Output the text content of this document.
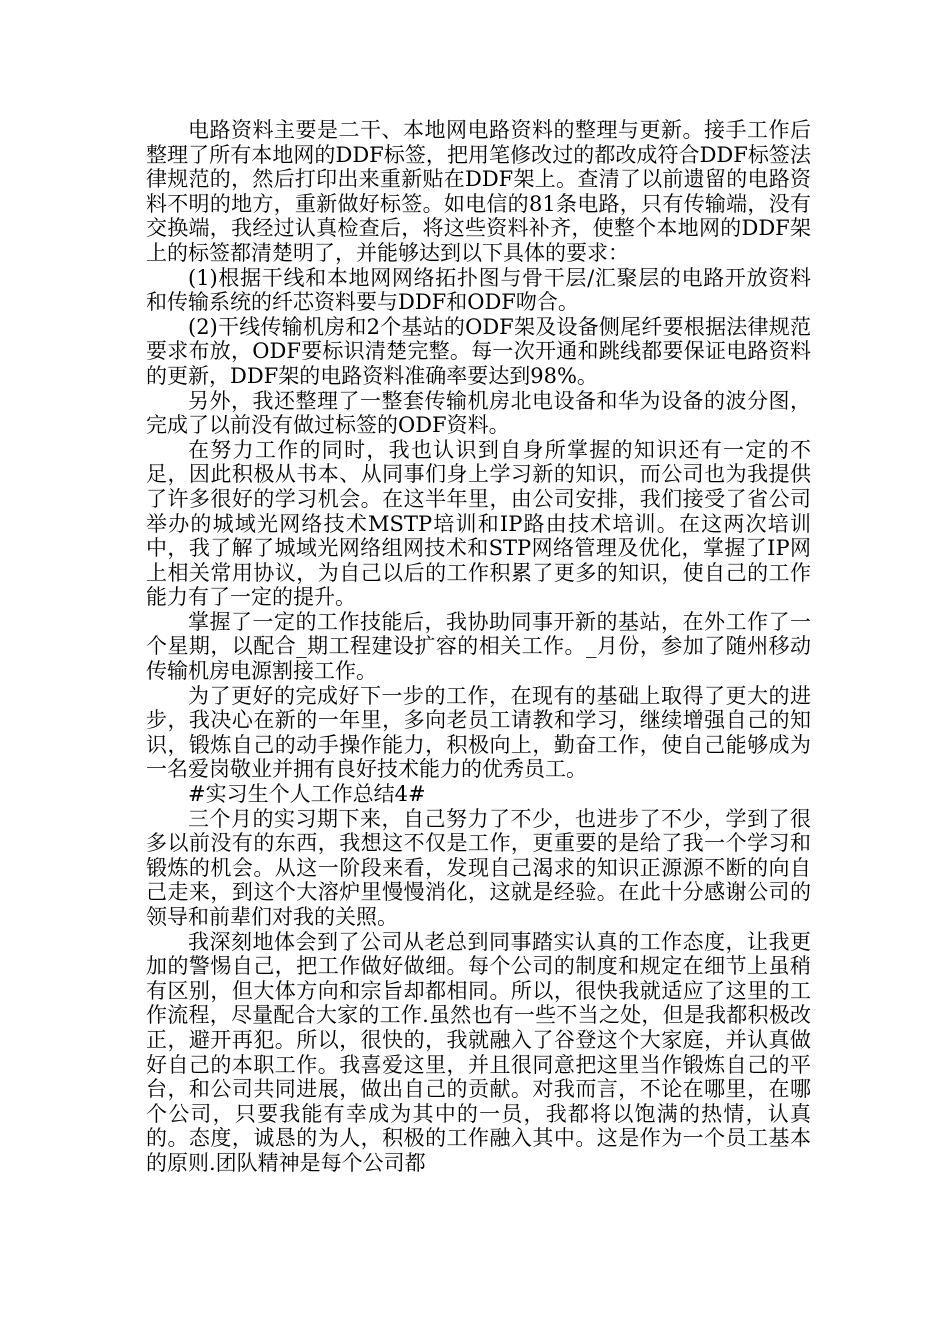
电路资料主要是二干、本地网电路资料的整理与更新。接手工作后整理了所有本地网的DDF标签，把用笔修改过的都改成符合DDF标签法律规范的，然后打印出来重新贴在DDF架上。查清了以前遗留的电路资料不明的地方，重新做好标签。如电信的81条电路，只有传输端，没有交换端，我经过认真检查后，将这些资料补齐，使整个本地网的DDF架上的标签都清楚明了，并能够达到以下具体的要求：

(1)根据干线和本地网网络拓扑图与骨干层/汇聚层的电路开放资料和传输系统的纤芯资料要与DDF和ODF吻合。

(2)干线传输机房和2个基站的ODF架及设备侧尾纤要根据法律规范要求布放，ODF要标识清楚完整。每一次开通和跳线都要保证电路资料的更新，DDF架的电路资料准确率要达到98%。

另外，我还整理了一整套传输机房北电设备和华为设备的波分图，完成了以前没有做过标签的ODF资料。

在努力工作的同时，我也认识到自身所掌握的知识还有一定的不足，因此积极从书本、从同事们身上学习新的知识，而公司也为我提供了许多很好的学习机会。在这半年里，由公司安排，我们接受了省公司举办的城域光网络技术MSTP培训和IP路由技术培训。在这两次培训中，我了解了城域光网络组网技术和STP网络管理及优化，掌握了IP网上相关常用协议，为自己以后的工作积累了更多的知识，使自己的工作能力有了一定的提升。

掌握了一定的工作技能后，我协助同事开新的基站，在外工作了一个星期，以配合_期工程建设扩容的相关工作。_月份，参加了随州移动传输机房电源割接工作。

为了更好的完成好下一步的工作，在现有的基础上取得了更大的进步，我决心在新的一年里，多向老员工请教和学习，继续增强自己的知识，锻炼自己的动手操作能力，积极向上，勤奋工作，使自己能够成为一名爱岗敬业并拥有良好技术能力的优秀员工。

#实习生个人工作总结4#

三个月的实习期下来，自己努力了不少，也进步了不少，学到了很多以前没有的东西，我想这不仅是工作，更重要的是给了我一个学习和锻炼的机会。从这一阶段来看，发现自己渴求的知识正源源不断的向自己走来，到这个大溶炉里慢慢消化，这就是经验。在此十分感谢公司的领导和前辈们对我的关照。

我深刻地体会到了公司从老总到同事踏实认真的工作态度，让我更加的警惕自己，把工作做好做细。每个公司的制度和规定在细节上虽稍有区别，但大体方向和宗旨却都相同。所以，很快我就适应了这里的工作流程，尽量配合大家的工作.虽然也有一些不当之处，但是我都积极改正，避开再犯。所以，很快的，我就融入了谷登这个大家庭，并认真做好自己的本职工作。我喜爱这里，并且很同意把这里当作锻炼自己的平台，和公司共同进展，做出自己的贡献。对我而言，不论在哪里，在哪个公司，只要我能有幸成为其中的一员，我都将以饱满的热情，认真的。态度，诚恳的为人，积极的工作融入其中。这是作为一个员工基本的原则.团队精神是每个公司都
